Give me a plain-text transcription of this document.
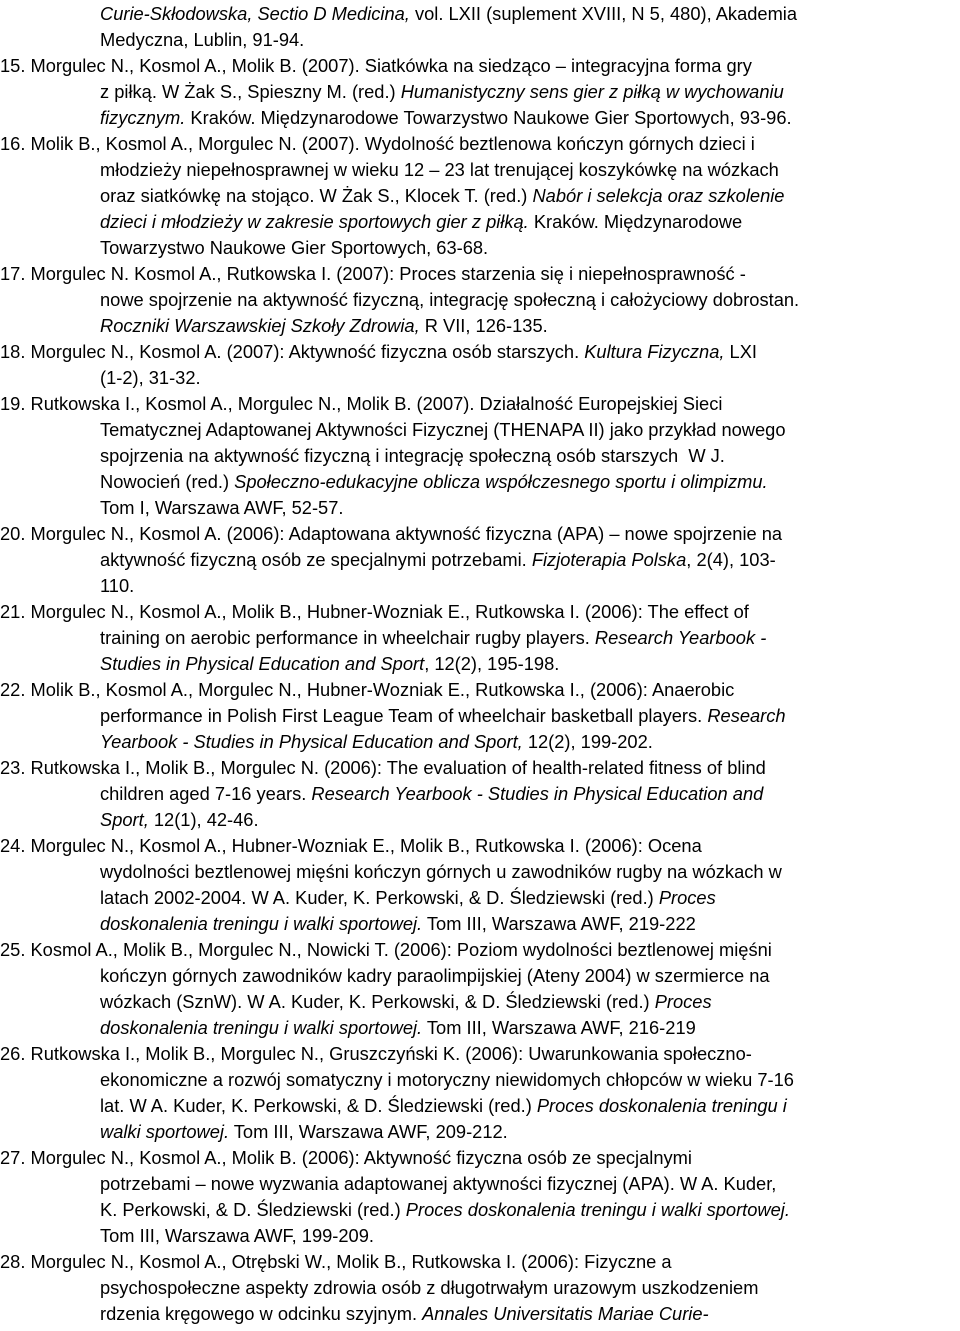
Curie-Skłodowska, Sectio D Medicina, vol. LXII (suplement XVIII, N 5, 480), Akademia
Medyczna, Lublin, 91-94.
15. Morgulec N., Kosmol A., Molik B. (2007). Siatkówka na siedząco – integracyjna forma gry
z piłką. W Żak S., Spieszny M. (red.) Humanistyczny sens gier z piłką w wychowaniu
fizycznym. Kraków. Międzynarodowe Towarzystwo Naukowe Gier Sportowych, 93-96.
16. Molik B., Kosmol A., Morgulec N. (2007). Wydolność beztlenowa kończyn górnych dzieci i
młodzieży niepełnosprawnej w wieku 12 – 23 lat trenującej koszykówkę na wózkach
oraz siatkówkę na stojąco. W Żak S., Klocek T. (red.) Nabór i selekcja oraz szkolenie
dzieci i młodzieży w zakresie sportowych gier z piłką. Kraków. Międzynarodowe
Towarzystwo Naukowe Gier Sportowych, 63-68.
17. Morgulec N. Kosmol A., Rutkowska I. (2007): Proces starzenia się i niepełnosprawność -
nowe spojrzenie na aktywność fizyczną, integrację społeczną i całożyciowy dobrostan.
Roczniki Warszawskiej Szkoły Zdrowia, R VII, 126-135.
18. Morgulec N., Kosmol A. (2007): Aktywność fizyczna osób starszych. Kultura Fizyczna, LXI
(1-2), 31-32.
19. Rutkowska I., Kosmol A., Morgulec N., Molik B. (2007). Działalność Europejskiej Sieci
Tematycznej Adaptowanej Aktywności Fizycznej (THENAPA II) jako przykład nowego
spojrzenia na aktywność fizyczną i integrację społeczną osób starszych  W J.
Nowocień (red.) Społeczno-edukacyjne oblicza współczesnego sportu i olimpizmu.
Tom I, Warszawa AWF, 52-57.
20. Morgulec N., Kosmol A. (2006): Adaptowana aktywność fizyczna (APA) – nowe spojrzenie na
aktywność fizyczną osób ze specjalnymi potrzebami. Fizjoterapia Polska, 2(4), 103-
110.
21. Morgulec N., Kosmol A., Molik B., Hubner-Wozniak E., Rutkowska I. (2006): The effect of
training on aerobic performance in wheelchair rugby players. Research Yearbook -
Studies in Physical Education and Sport, 12(2), 195-198.
22. Molik B., Kosmol A., Morgulec N., Hubner-Wozniak E., Rutkowska I., (2006): Anaerobic
performance in Polish First League Team of wheelchair basketball players. Research
Yearbook - Studies in Physical Education and Sport, 12(2), 199-202.
23. Rutkowska I., Molik B., Morgulec N. (2006): The evaluation of health-related fitness of blind
children aged 7-16 years. Research Yearbook - Studies in Physical Education and
Sport, 12(1), 42-46.
24. Morgulec N., Kosmol A., Hubner-Wozniak E., Molik B., Rutkowska I. (2006): Ocena
wydolności beztlenowej mięśni kończyn górnych u zawodników rugby na wózkach w
latach 2002-2004. W A. Kuder, K. Perkowski, & D. Śledziewski (red.) Proces
doskonalenia treningu i walki sportowej. Tom III, Warszawa AWF, 219-222
25. Kosmol A., Molik B., Morgulec N., Nowicki T. (2006): Poziom wydolności beztlenowej mięśni
kończyn górnych zawodników kadry paraolimpijskiej (Ateny 2004) w szermierce na
wózkach (SznW). W A. Kuder, K. Perkowski, & D. Śledziewski (red.) Proces
doskonalenia treningu i walki sportowej. Tom III, Warszawa AWF, 216-219
26. Rutkowska I., Molik B., Morgulec N., Gruszczyński K. (2006): Uwarunkowania społeczno-
ekonomiczne a rozwój somatyczny i motoryczny niewidomych chłopców w wieku 7-16
lat. W A. Kuder, K. Perkowski, & D. Śledziewski (red.) Proces doskonalenia treningu i
walki sportowej. Tom III, Warszawa AWF, 209-212.
27. Morgulec N., Kosmol A., Molik B. (2006): Aktywność fizyczna osób ze specjalnymi
potrzebami – nowe wyzwania adaptowanej aktywności fizycznej (APA). W A. Kuder,
K. Perkowski, & D. Śledziewski (red.) Proces doskonalenia treningu i walki sportowej.
Tom III, Warszawa AWF, 199-209.
28. Morgulec N., Kosmol A., Otrębski W., Molik B., Rutkowska I. (2006): Fizyczne a
psychospołeczne aspekty zdrowia osób z długotrwałym urazowym uszkodzeniem
rdzenia kręgowego w odcinku szyjnym. Annales Universitatis Mariae Curie-
